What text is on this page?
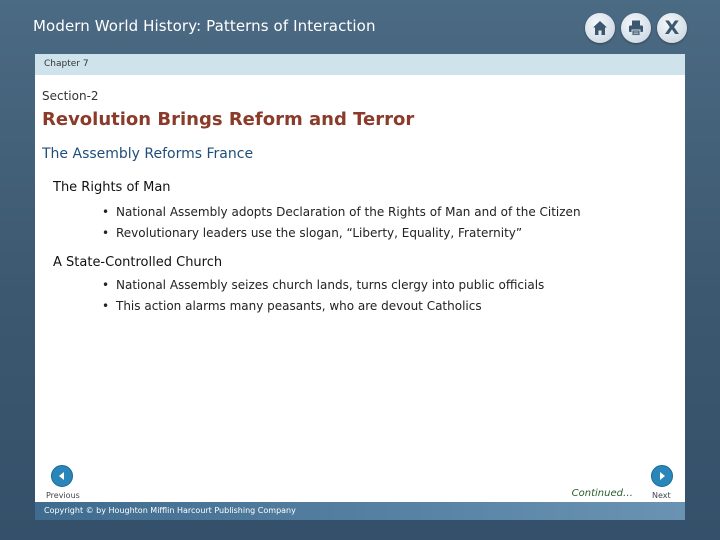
Modern World History: Patterns of Interaction	X
Chapter 7
Section-2
Revolution Brings Reform and Terror
The Assembly Reforms France
The Rights of Man
• National Assembly adopts Declaration of the Rights of Man and of the Citizen
• Revolutionary leaders use the slogan, “Liberty, Equality, Fraternity”
A State-Controlled Church
• National Assembly seizes church lands, turns clergy into public officials
• This action alarms many peasants, who are devout Catholics
Previous	Continued… Next
Copyright © by Houghton Mifflin Harcourt Publishing Company
